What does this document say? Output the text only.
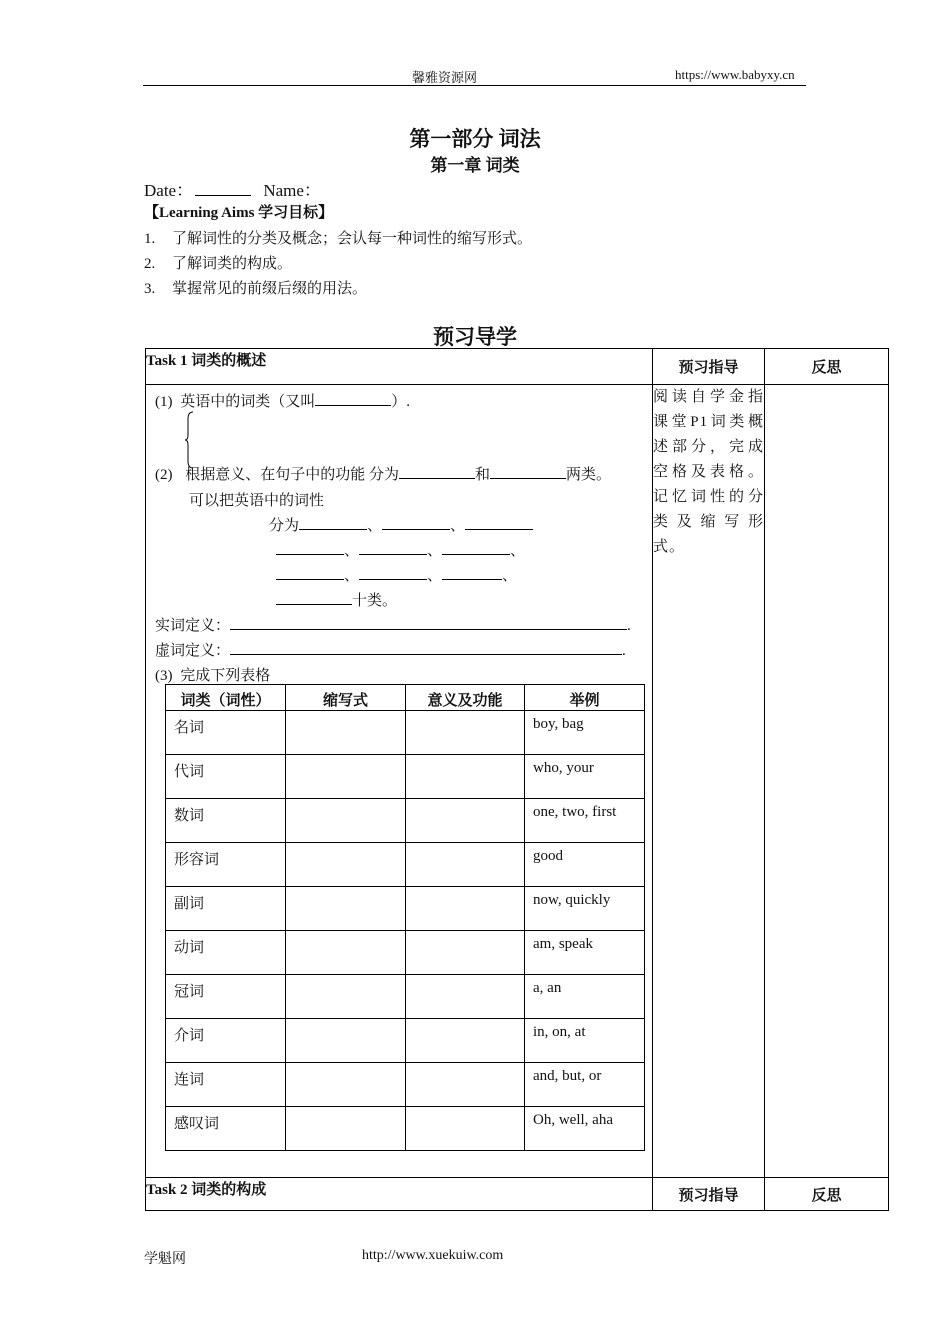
馨雅资源网	https://www.babyxy.cn
第一部分 词法
第一章 词类
Date：	Name：
【Learning Aims 学习目标】
1. 了解词性的分类及概念；会认每一种词性的缩写形式。
2. 了解词类的构成。
3. 掌握常见的前缀后缀的用法。
预习导学
Task 1 词类的概述	预习指导	反思

(1) 英语中的词类（又叫	）.
(2) 根据意义、在句子中的功能 分为	和	两类。
可以把英语中的词性
分为	、	、
、	、	、
、	、	、
十类。
实词定义：	.
虚词定义：	.
(3) 完成下列表格
词类（词性）	缩写式	意义及功能	举例
名词			boy, bag
代词			who, your
数词			one, two, first
形容词			good
副词			now, quickly
动词			am, speak
冠词			a, an
介词			in, on, at
连词			and, but, or
感叹词			Oh, well, aha
	阅读自学金指课堂P1词类概述部分，完成空格及表格。记忆词性的分类及缩写形式。	
Task 2 词类的构成	预习指导	反思
学魁网	http://www.xuekuiw.com
